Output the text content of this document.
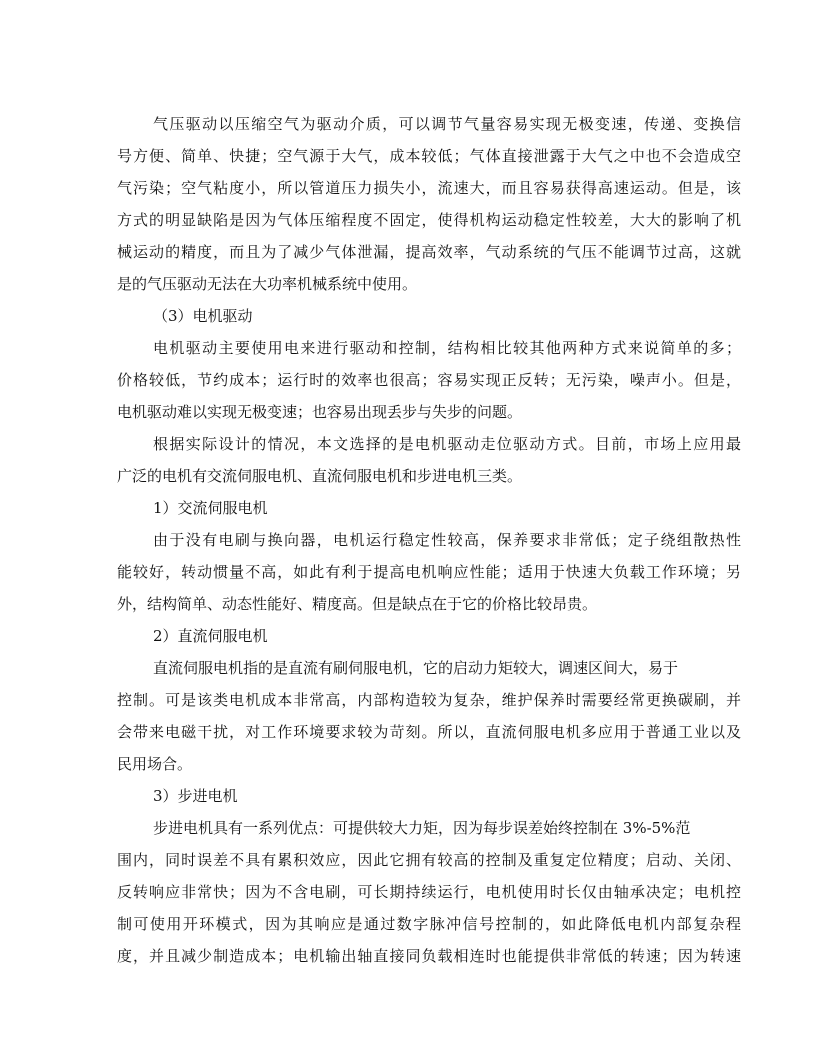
气压驱动以压缩空气为驱动介质，可以调节气量容易实现无极变速，传递、变换信
号方便、简单、快捷；空气源于大气，成本较低；气体直接泄露于大气之中也不会造成空
气污染；空气粘度小，所以管道压力损失小，流速大，而且容易获得高速运动。但是，该
方式的明显缺陷是因为气体压缩程度不固定，使得机构运动稳定性较差，大大的影响了机
械运动的精度，而且为了减少气体泄漏，提高效率，气动系统的气压不能调节过高，这就
是的气压驱动无法在大功率机械系统中使用。
（3）电机驱动
电机驱动主要使用电来进行驱动和控制，结构相比较其他两种方式来说简单的多；
价格较低，节约成本；运行时的效率也很高；容易实现正反转；无污染，噪声小。但是，
电机驱动难以实现无极变速；也容易出现丢步与失步的问题。
根据实际设计的情况，本文选择的是电机驱动走位驱动方式。目前，市场上应用最
广泛的电机有交流伺服电机、直流伺服电机和步进电机三类。
1）交流伺服电机
由于没有电刷与换向器，电机运行稳定性较高，保养要求非常低；定子绕组散热性
能较好，转动惯量不高，如此有利于提高电机响应性能；适用于快速大负载工作环境；另
外，结构简单、动态性能好、精度高。但是缺点在于它的价格比较昂贵。
2）直流伺服电机
直流伺服电机指的是直流有刷伺服电机，它的启动力矩较大，调速区间大，易于
控制。可是该类电机成本非常高，内部构造较为复杂，维护保养时需要经常更换碳刷，并
会带来电磁干扰，对工作环境要求较为苛刻。所以，直流伺服电机多应用于普通工业以及
民用场合。
3）步进电机
步进电机具有一系列优点：可提供较大力矩，因为每步误差始终控制在 3%-5%范
围内，同时误差不具有累积效应，因此它拥有较高的控制及重复定位精度；启动、关闭、
反转响应非常快；因为不含电刷，可长期持续运行，电机使用时长仅由轴承决定；电机控
制可使用开环模式，因为其响应是通过数字脉冲信号控制的，如此降低电机内部复杂程
度，并且减少制造成本；电机输出轴直接同负载相连时也能提供非常低的转速；因为转速
